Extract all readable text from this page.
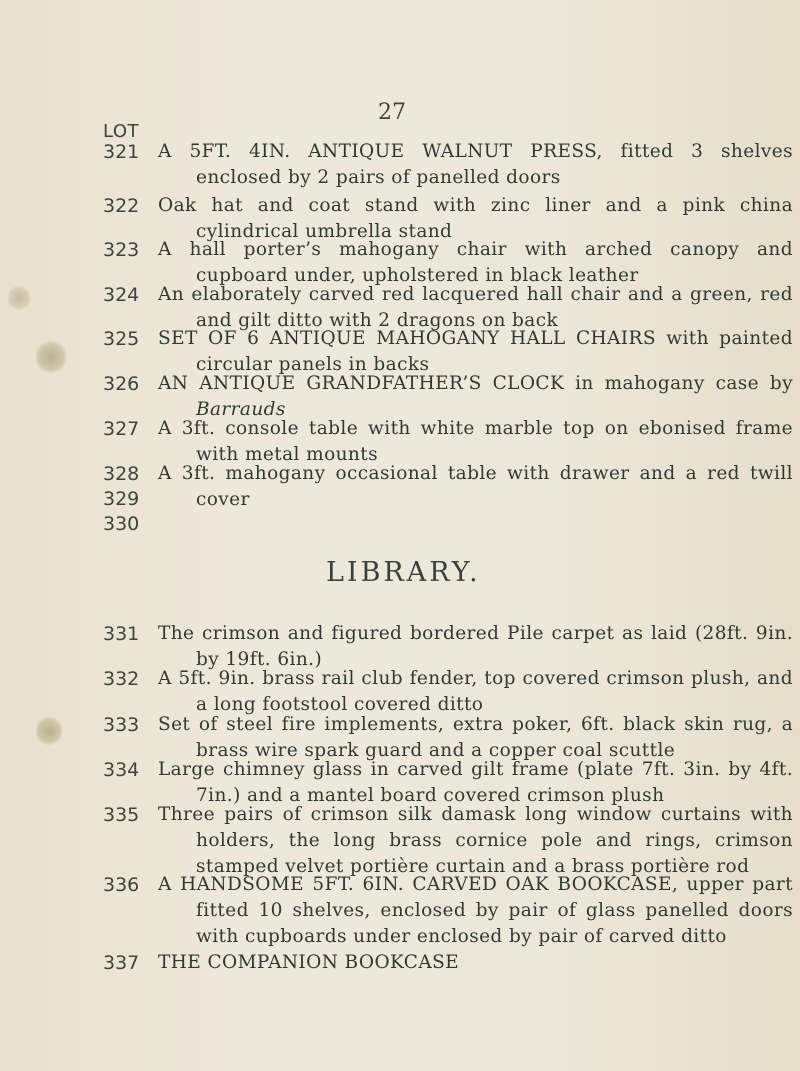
27
LOT
321 A 5FT. 4IN. ANTIQUE WALNUT PRESS, fitted 3 shelves enclosed by 2 pairs of panelled doors
322 Oak hat and coat stand with zinc liner and a pink china cylindrical umbrella stand
323 A hall porter’s mahogany chair with arched canopy and cupboard under, upholstered in black leather
324 An elaborately carved red lacquered hall chair and a green, red and gilt ditto with 2 dragons on back
325 SET OF 6 ANTIQUE MAHOGANY HALL CHAIRS with painted circular panels in backs
326 AN ANTIQUE GRANDFATHER’S CLOCK in mahogany case by Barrauds
327 A 3ft. console table with white marble top on ebonised frame with metal mounts
328 A 3ft. mahogany occasional table with drawer and a red twill cover
329
330
LIBRARY.
331 The crimson and figured bordered Pile carpet as laid (28ft. 9in. by 19ft. 6in.)
332 A 5ft. 9in. brass rail club fender, top covered crimson plush, and a long footstool covered ditto
333 Set of steel fire implements, extra poker, 6ft. black skin rug, a brass wire spark guard and a copper coal scuttle
334 Large chimney glass in carved gilt frame (plate 7ft. 3in. by 4ft. 7in.) and a mantel board covered crimson plush
335 Three pairs of crimson silk damask long window curtains with holders, the long brass cornice pole and rings, crimson stamped velvet portière curtain and a brass portière rod
336 A HANDSOME 5FT. 6IN. CARVED OAK BOOKCASE, upper part fitted 10 shelves, enclosed by pair of glass panelled doors with cupboards under enclosed by pair of carved ditto
337 THE COMPANION BOOKCASE
